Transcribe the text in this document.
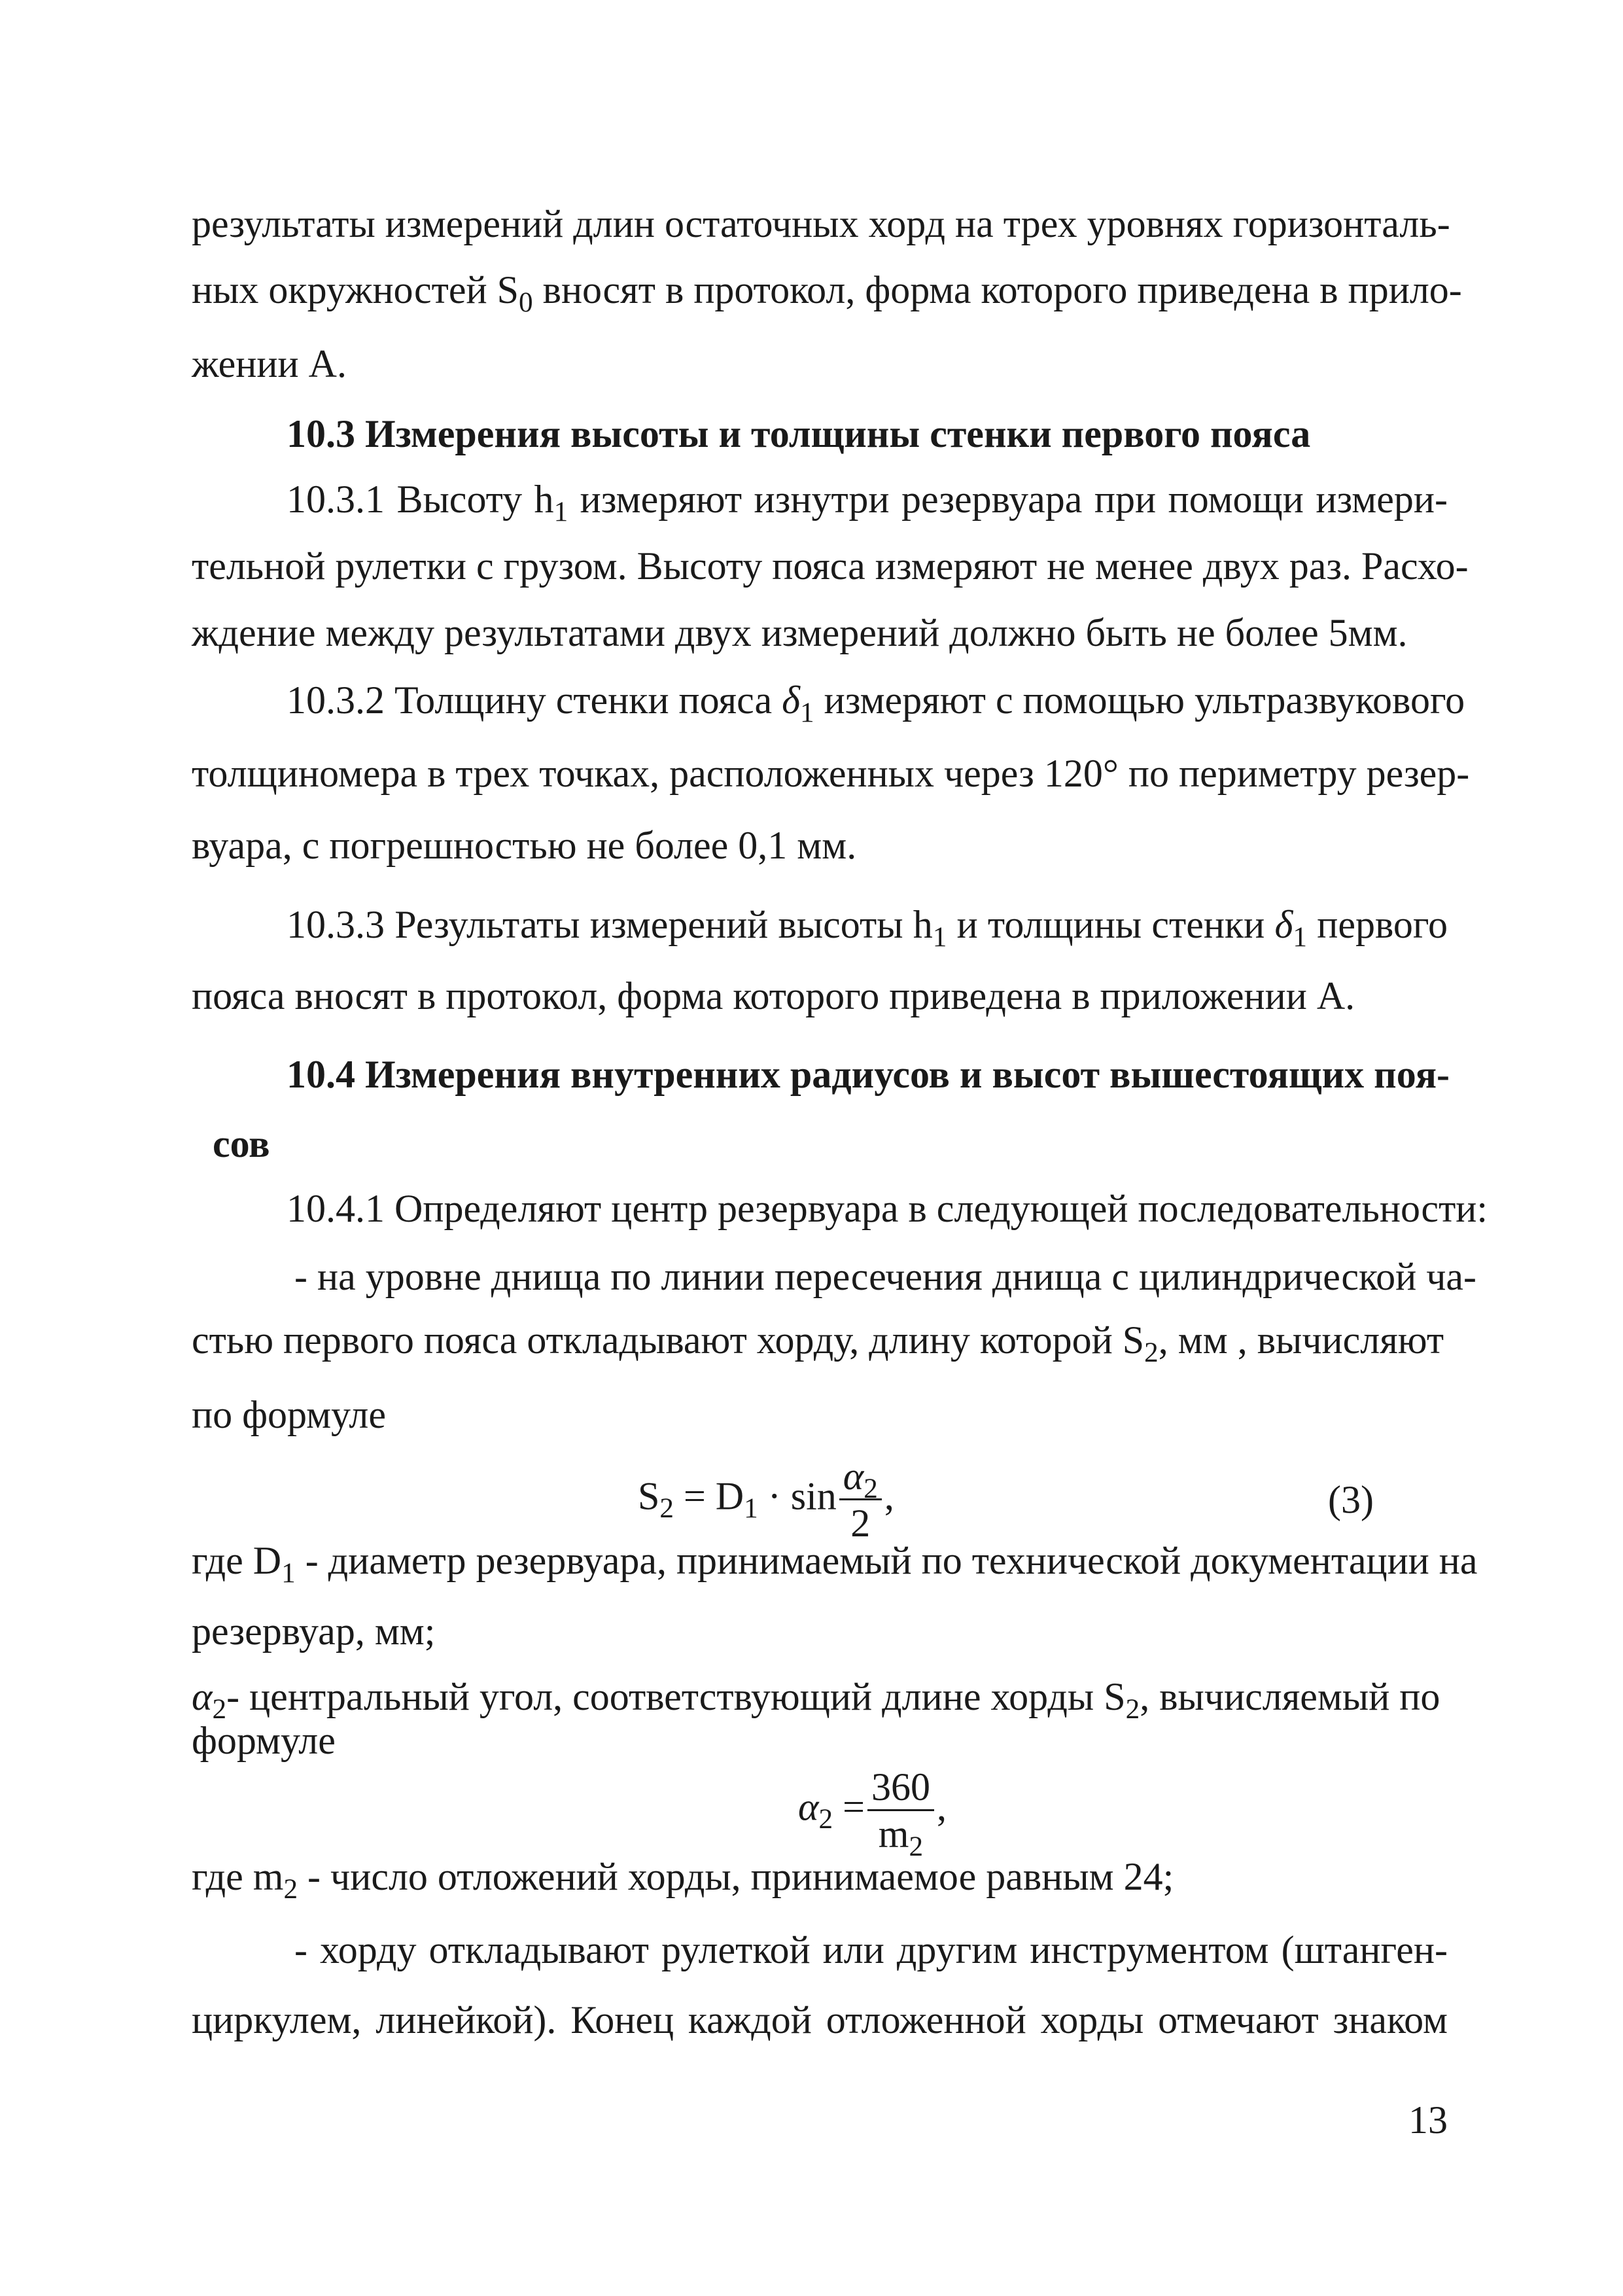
результаты измерений длин остаточных хорд на трех уровнях горизонталь-

ных окружностей $S_0$ вносят в протокол, форма которого приведена в прило-

жении А.

10.3 Измерения высоты и толщины стенки первого пояса

10.3.1 Высоту $h_1$ измеряют изнутри резервуара при помощи измери-

тельной рулетки с грузом. Высоту пояса измеряют не менее двух раз. Расхо-

ждение между результатами двух измерений должно быть не более 5мм.

10.3.2 Толщину стенки пояса $\delta_1$ измеряют с помощью ультразвукового

толщиномера в трех точках, расположенных через 120° по периметру резер-

вуара, с погрешностью не более 0,1 мм.

10.3.3 Результаты измерений высоты $h_1$ и толщины стенки $\delta_1$ первого

пояса вносят в протокол, форма которого приведена в приложении А.

10.4 Измерения внутренних радиусов и высот вышестоящих поя-

сов

10.4.1 Определяют центр резервуара в следующей последовательности:

- на уровне днища по линии пересечения днища с цилиндрической ча-

стью первого пояса откладывают хорду, длину которой $S_2$, мм , вычисляют

по формуле

$S_2 = D_1 \cdot \sin \frac{\alpha_2}{2}$ ,	(3)

где $D_1$ - диаметр резервуара, принимаемый по технической документации на

резервуар, мм;

$\alpha_2-$ центральный угол, соответствующий длине хорды $S_2$, вычисляемый по

формуле

$\alpha_2 = \frac{360}{m_2}$ ,

где $m_2$ - число отложений хорды, принимаемое равным 24;

- хорду откладывают рулеткой или другим инструментом (штанген-

циркулем, линейкой). Конец каждой отложенной хорды отмечают знаком

13
